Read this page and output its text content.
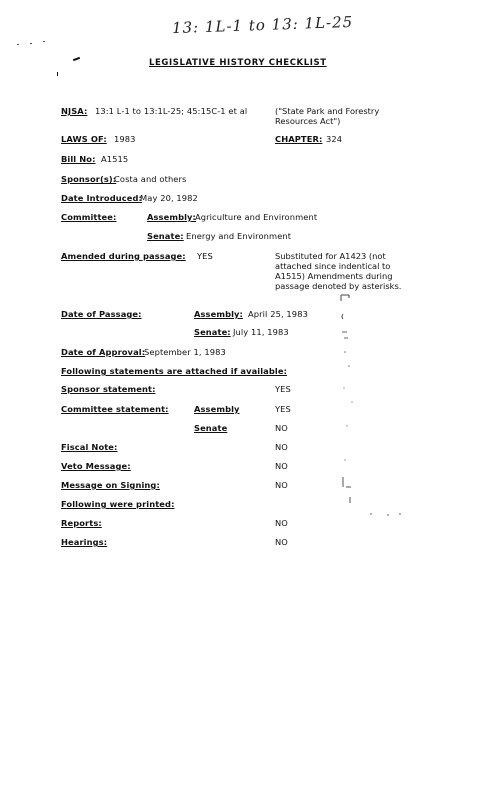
13: 1L-1 to 13: 1L-25
LEGISLATIVE HISTORY CHECKLIST
NJSA: 13:1 L-1 to 13:1L-25; 45:15C-1 et al	("State Park and Forestry Resources Act")
LAWS OF: 1983	CHAPTER: 324
Bill No: A1515
Sponsor(s):
Costa and others
Date Introduced:
May 20, 1982
Committee:	Assembly: Agriculture and Environment
Senate: Energy and Environment
Amended during passage: YES	Substituted for A1423 (not attached since indentical to A1515) Amendments during passage denoted by asterisks.
Date of Passage:	Assembly: April 25, 1983
Senate: July 11, 1983
Date of Approval:
September 1, 1983
Following statements are attached if available:
Sponsor statement:	YES
Committee statement:	Assembly	YES
Senate	NO
Fiscal Note:	NO
Veto Message:	NO
Message on Signing:	NO
Following were printed:
Reports:	NO
Hearings:	NO
